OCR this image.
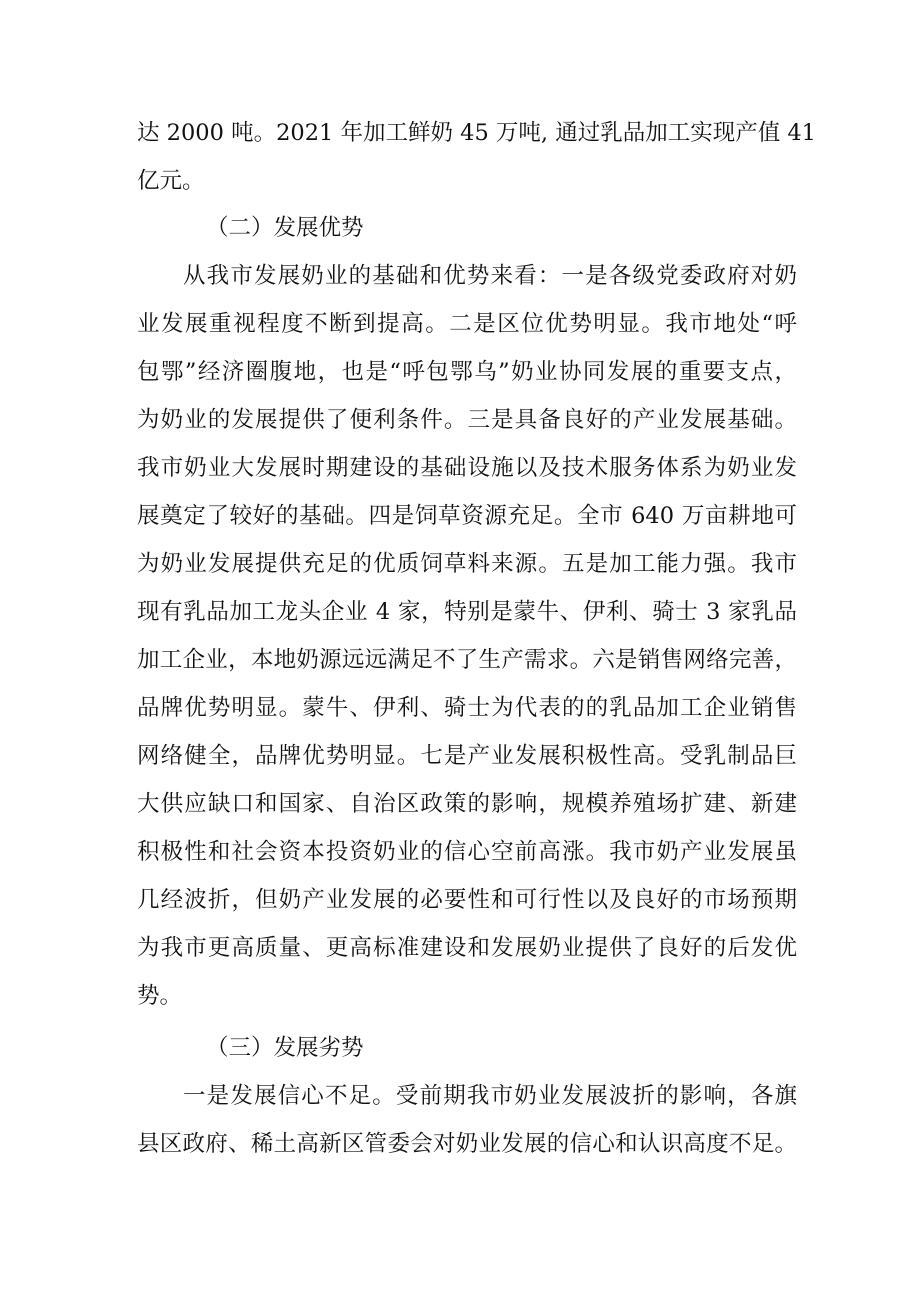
达 2000 吨。2021 年加工鲜奶 45 万吨, 通过乳品加工实现产值 41
亿元。
（二）发展优势
从我市发展奶业的基础和优势来看：一是各级党委政府对奶
业发展重视程度不断到提高。二是区位优势明显。我市地处“呼
包鄂”经济圈腹地，也是“呼包鄂乌”奶业协同发展的重要支点，
为奶业的发展提供了便利条件。三是具备良好的产业发展基础。
我市奶业大发展时期建设的基础设施以及技术服务体系为奶业发
展奠定了较好的基础。四是饲草资源充足。全市 640 万亩耕地可
为奶业发展提供充足的优质饲草料来源。五是加工能力强。我市
现有乳品加工龙头企业 4 家，特别是蒙牛、伊利、骑士 3 家乳品
加工企业，本地奶源远远满足不了生产需求。六是销售网络完善，
品牌优势明显。蒙牛、伊利、骑士为代表的的乳品加工企业销售
网络健全，品牌优势明显。七是产业发展积极性高。受乳制品巨
大供应缺口和国家、自治区政策的影响，规模养殖场扩建、新建
积极性和社会资本投资奶业的信心空前高涨。我市奶产业发展虽
几经波折，但奶产业发展的必要性和可行性以及良好的市场预期
为我市更高质量、更高标准建设和发展奶业提供了良好的后发优
势。
（三）发展劣势
一是发展信心不足。受前期我市奶业发展波折的影响，各旗
县区政府、稀土高新区管委会对奶业发展的信心和认识高度不足。
